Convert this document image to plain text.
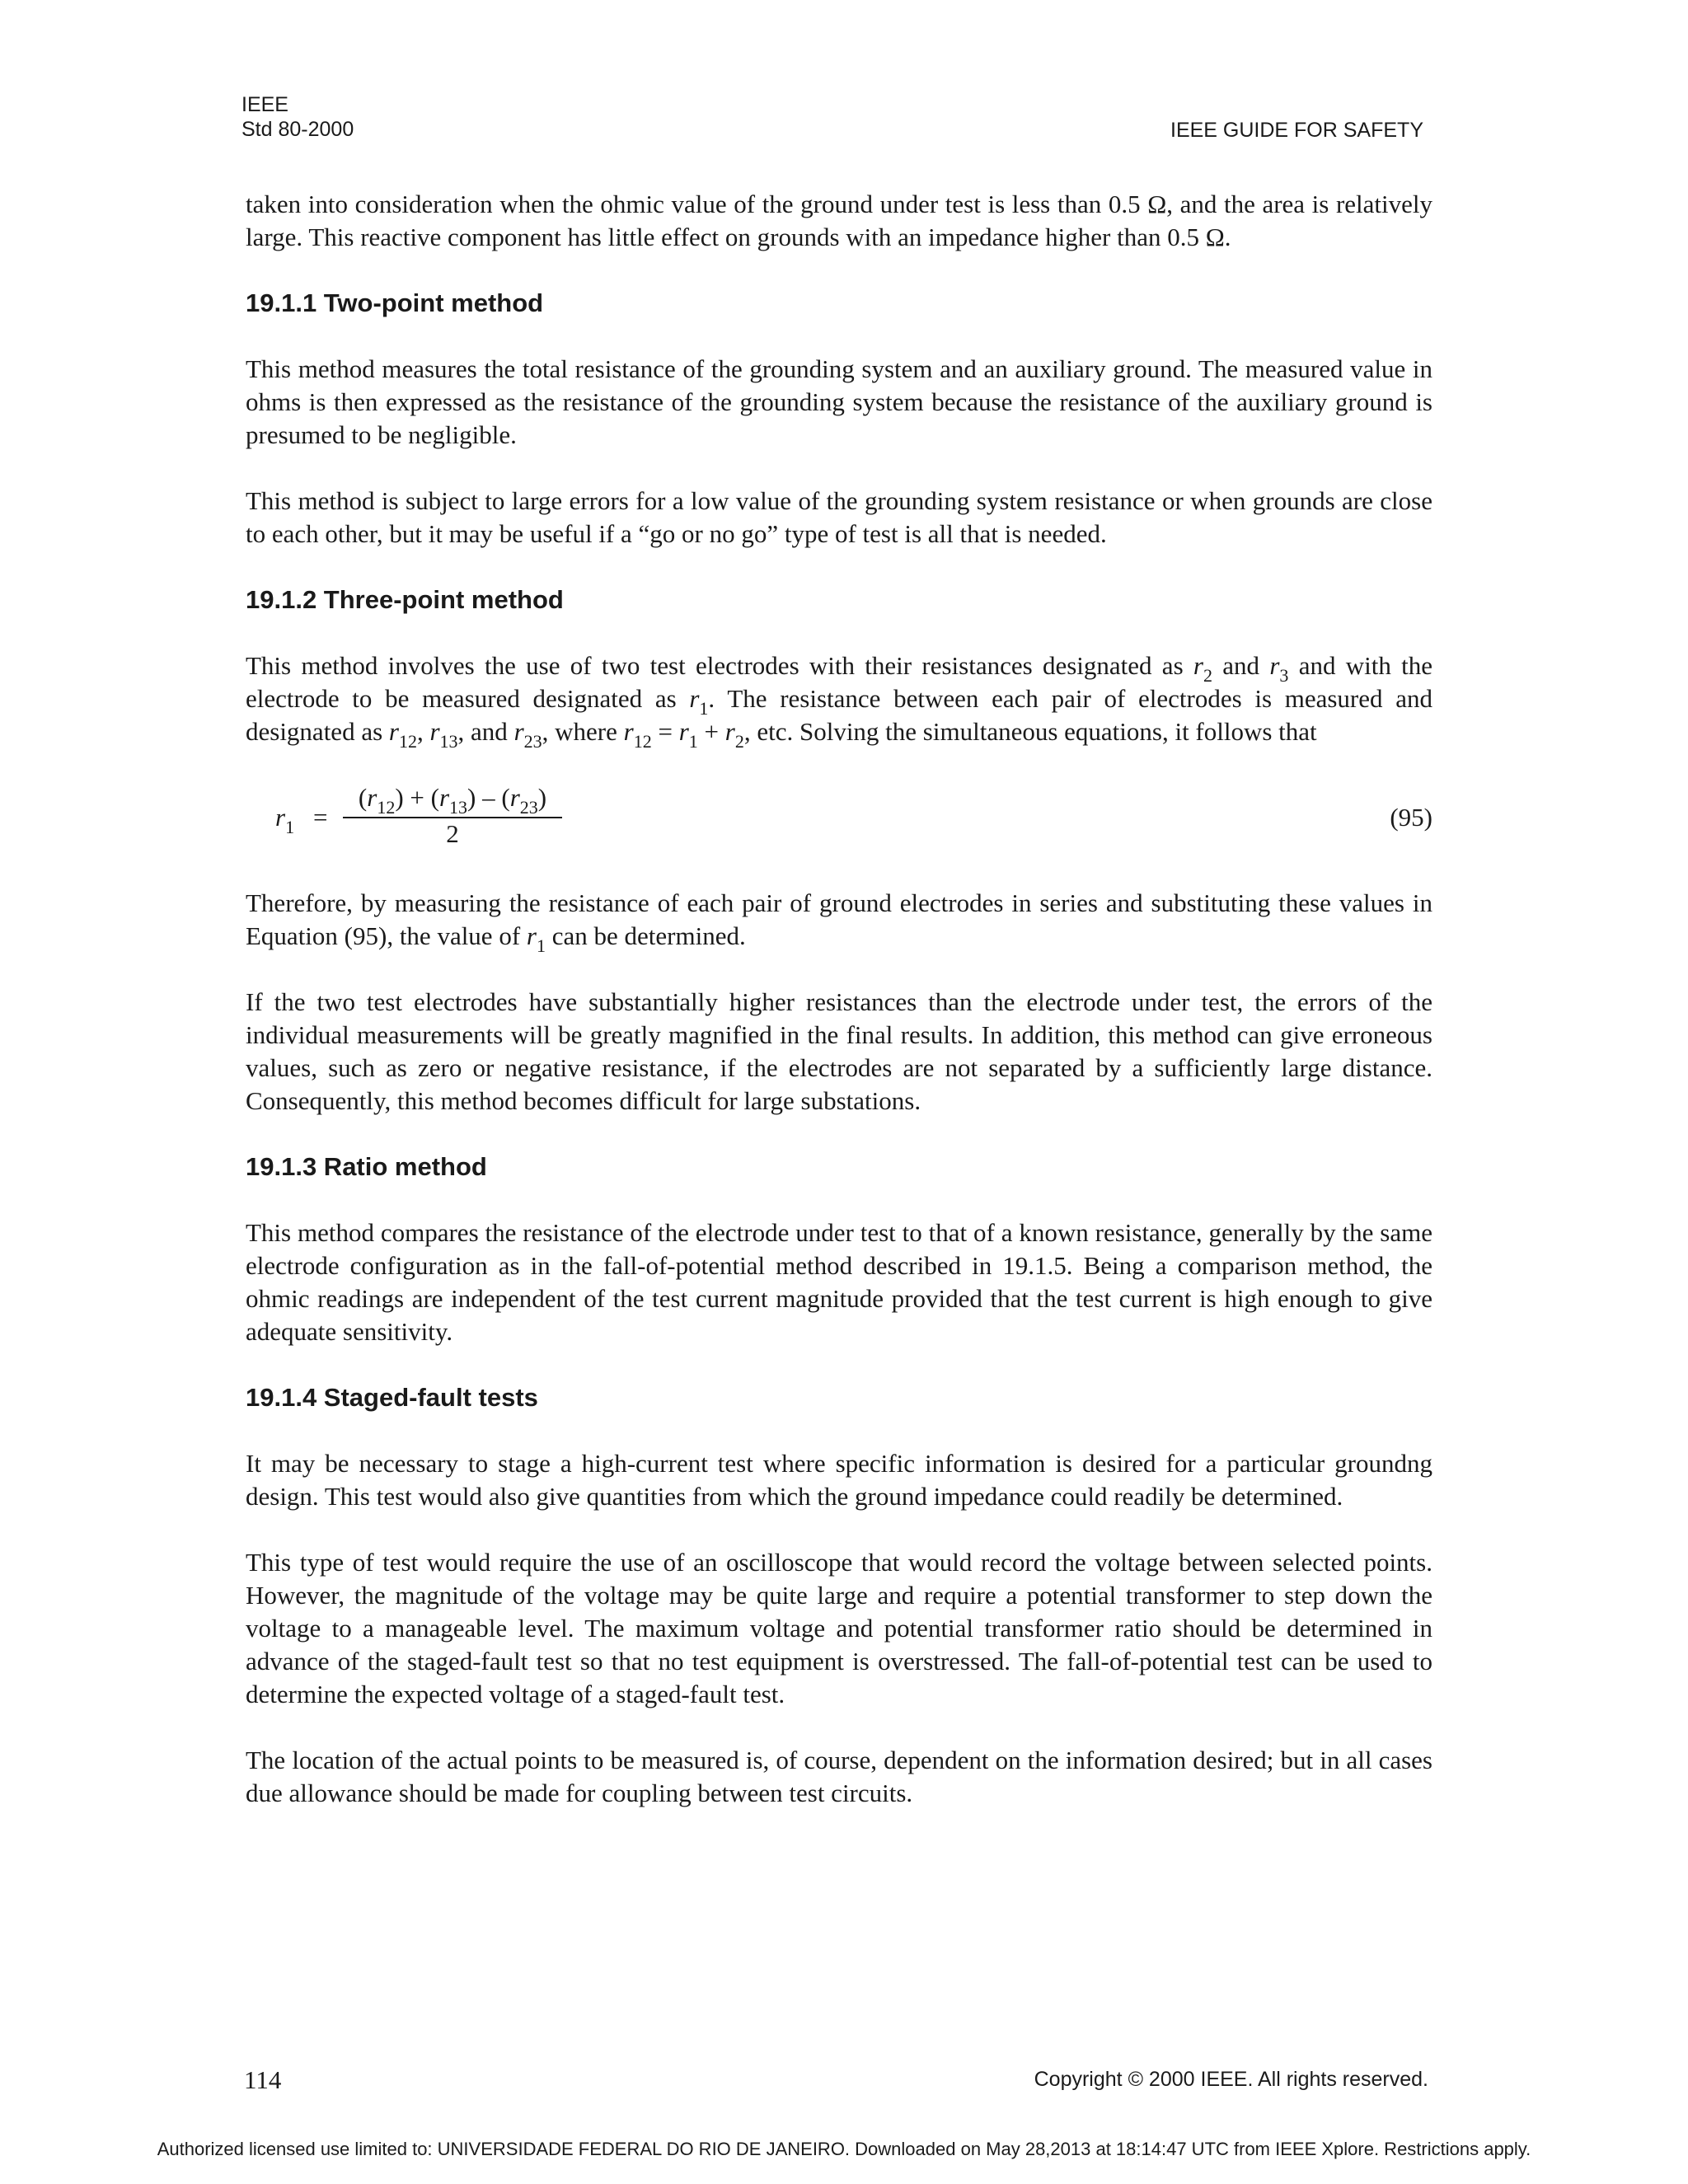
IEEE
Std 80-2000	IEEE GUIDE FOR SAFETY

taken into consideration when the ohmic value of the ground under test is less than 0.5 Ω, and the area is relatively large. This reactive component has little effect on grounds with an impedance higher than 0.5 Ω.

19.1.1 Two-point method

This method measures the total resistance of the grounding system and an auxiliary ground. The measured value in ohms is then expressed as the resistance of the grounding system because the resistance of the auxiliary ground is presumed to be negligible.

This method is subject to large errors for a low value of the grounding system resistance or when grounds are close to each other, but it may be useful if a “go or no go” type of test is all that is needed.

19.1.2 Three-point method

This method involves the use of two test electrodes with their resistances designated as $r_2$ and $r_3$ and with the electrode to be measured designated as $r_1$. The resistance between each pair of electrodes is measured and designated as $r_{12}$, $r_{13}$, and $r_{23}$, where $r_{12} = r_1 + r_2$, etc. Solving the simultaneous equations, it follows that

$r_1 = \frac{(r_{12}) + (r_{13}) - (r_{23})}{2}$	(95)

Therefore, by measuring the resistance of each pair of ground electrodes in series and substituting these values in Equation (95), the value of $r_1$ can be determined.

If the two test electrodes have substantially higher resistances than the electrode under test, the errors of the individual measurements will be greatly magnified in the final results. In addition, this method can give erroneous values, such as zero or negative resistance, if the electrodes are not separated by a sufficiently large distance. Consequently, this method becomes difficult for large substations.

19.1.3 Ratio method

This method compares the resistance of the electrode under test to that of a known resistance, generally by the same electrode configuration as in the fall-of-potential method described in 19.1.5. Being a comparison method, the ohmic readings are independent of the test current magnitude provided that the test current is high enough to give adequate sensitivity.

19.1.4 Staged-fault tests

It may be necessary to stage a high-current test where specific information is desired for a particular groundng design. This test would also give quantities from which the ground impedance could readily be determined.

This type of test would require the use of an oscilloscope that would record the voltage between selected points. However, the magnitude of the voltage may be quite large and require a potential transformer to step down the voltage to a manageable level. The maximum voltage and potential transformer ratio should be determined in advance of the staged-fault test so that no test equipment is overstressed. The fall-of-potential test can be used to determine the expected voltage of a staged-fault test.

The location of the actual points to be measured is, of course, dependent on the information desired; but in all cases due allowance should be made for coupling between test circuits.

114	Copyright © 2000 IEEE. All rights reserved.
Authorized licensed use limited to: UNIVERSIDADE FEDERAL DO RIO DE JANEIRO. Downloaded on May 28,2013 at 18:14:47 UTC from IEEE Xplore. Restrictions apply.
